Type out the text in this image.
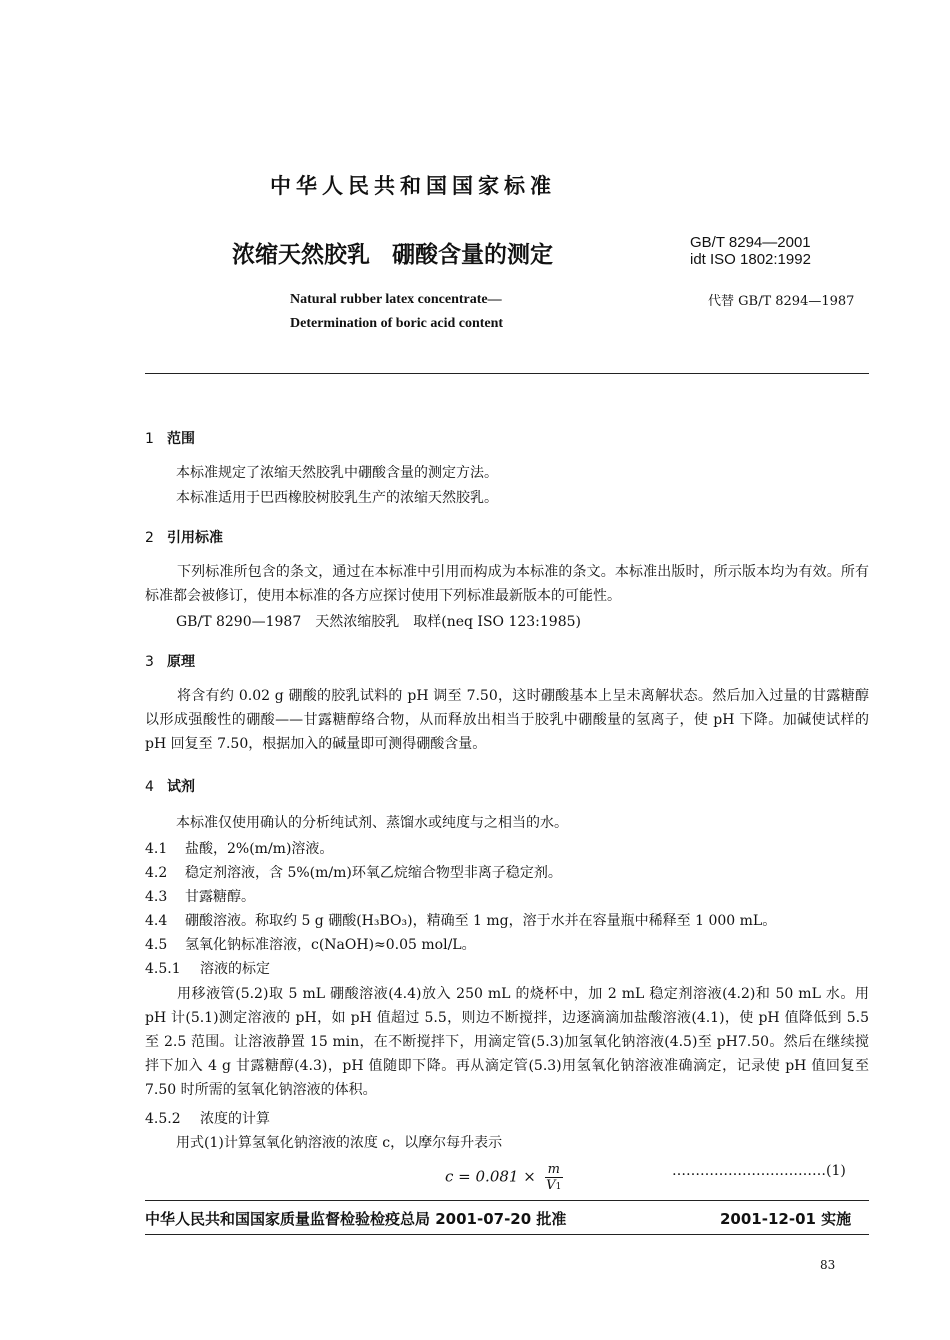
中华人民共和国国家标准
浓缩天然胶乳 硼酸含量的测定	GB/T 8294—2001
idt ISO 1802:1992
代替 GB/T 8294—1987
Natural rubber latex concentrate—
Determination of boric acid content
1 范围
本标准规定了浓缩天然胶乳中硼酸含量的测定方法。
本标准适用于巴西橡胶树胶乳生产的浓缩天然胶乳。
2 引用标准
下列标准所包含的条文，通过在本标准中引用而构成为本标准的条文。本标准出版时，所示版本均为有效。所有标准都会被修订，使用本标准的各方应探讨使用下列标准最新版本的可能性。
GB/T 8290—1987　天然浓缩胶乳　取样(neq ISO 123:1985)
3 原理
将含有约 0.02 g 硼酸的胶乳试料的 pH 调至 7.50，这时硼酸基本上呈未离解状态。然后加入过量的甘露糖醇以形成强酸性的硼酸——甘露糖醇络合物，从而释放出相当于胶乳中硼酸量的氢离子，使 pH 下降。加碱使试样的 pH 回复至 7.50，根据加入的碱量即可测得硼酸含量。
4 试剂
本标准仅使用确认的分析纯试剂、蒸馏水或纯度与之相当的水。
4.1 盐酸，2%(m/m)溶液。
4.2 稳定剂溶液，含 5%(m/m)环氧乙烷缩合物型非离子稳定剂。
4.3 甘露糖醇。
4.4 硼酸溶液。称取约 5 g 硼酸(H₃BO₃)，精确至 1 mg，溶于水并在容量瓶中稀释至 1 000 mL。
4.5 氢氧化钠标准溶液，c(NaOH)≈0.05 mol/L。
4.5.1 溶液的标定
用移液管(5.2)取 5 mL 硼酸溶液(4.4)放入 250 mL 的烧杯中，加 2 mL 稳定剂溶液(4.2)和 50 mL 水。用 pH 计(5.1)测定溶液的 pH，如 pH 值超过 5.5，则边不断搅拌，边逐滴滴加盐酸溶液(4.1)，使 pH 值降低到 5.5 至 2.5 范围。让溶液静置 15 min，在不断搅拌下，用滴定管(5.3)加氢氧化钠溶液(4.5)至 pH7.50。然后在继续搅拌下加入 4 g 甘露糖醇(4.3)，pH 值随即下降。再从滴定管(5.3)用氢氧化钠溶液准确滴定，记录使 pH 值回复至 7.50 时所需的氢氧化钠溶液的体积。
4.5.2 浓度的计算
用式(1)计算氢氧化钠溶液的浓度 c，以摩尔每升表示
$c = 0.081 \times \frac{m}{V1}$	……………………………(1)
中华人民共和国国家质量监督检验检疫总局 2001-07-20 批准	2001-12-01 实施
83
